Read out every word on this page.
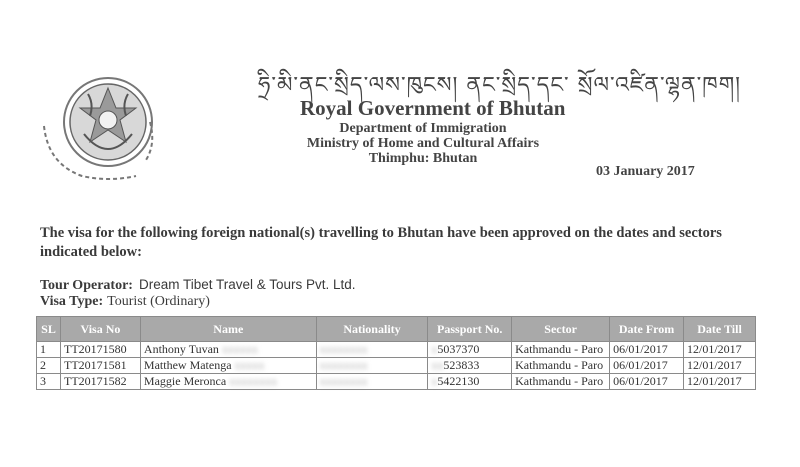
ཧྲི་མི་ནང་སྲིད་ལས་ཁུངས། ནང་སྲིད་དང་ སྲོལ་འཛིན་ལྷན་ཁག།
Royal Government of Bhutan
Department of Immigration
Ministry of Home and Cultural Affairs
Thimphu: Bhutan
03 January 2017
The visa for the following foreign national(s) travelling to Bhutan have been approved on the dates and sectors indicated below:
Tour Operator: Dream Tibet Travel & Tours Pvt. Ltd.
Visa Type: Tourist (Ordinary)
SL	Visa No	Name	Nationality	Passport No.	Sector	Date From	Date Till
1	TT20171580	Anthony Tuvan xxxxxx	xxxxxxxx	x5037370	Kathmandu - Paro	06/01/2017	12/01/2017
2	TT20171581	Matthew Matenga xxxxx	xxxxxxxx	xx523833	Kathmandu - Paro	06/01/2017	12/01/2017
3	TT20171582	Maggie Meronca xxxxxxxx	xxxxxxxx	x5422130	Kathmandu - Paro	06/01/2017	12/01/2017
